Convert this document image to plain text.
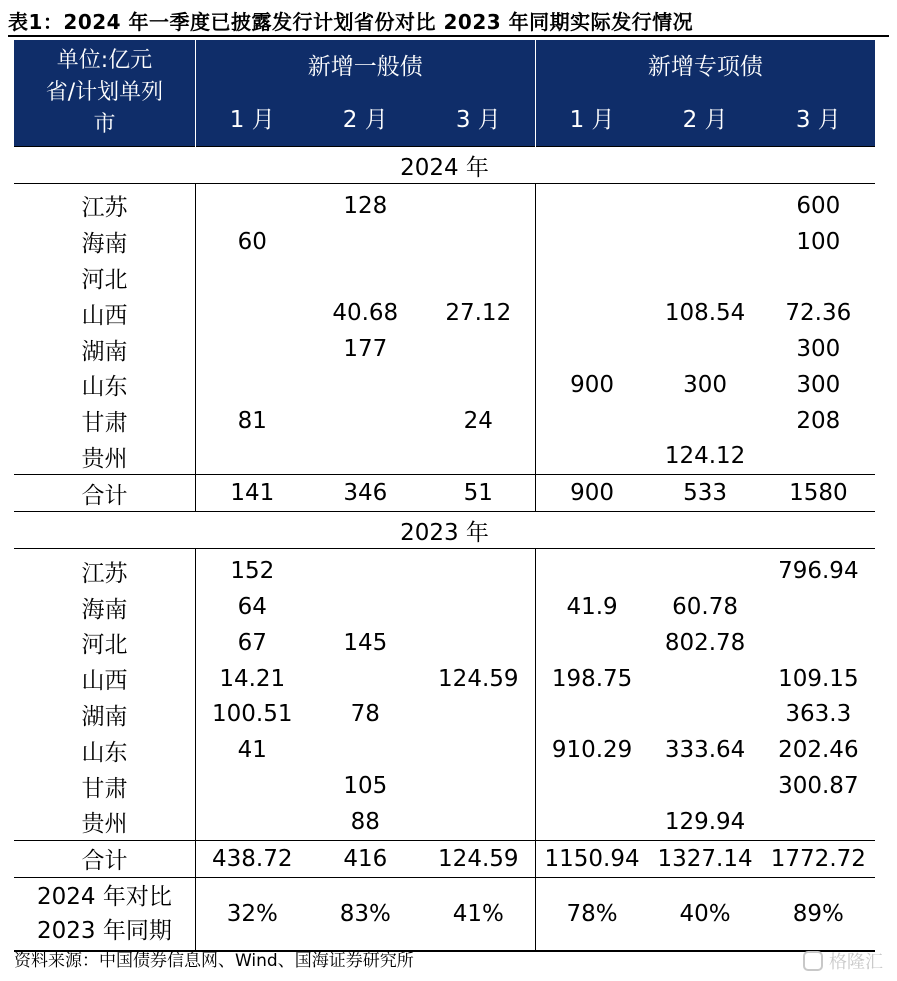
表1：2024 年一季度已披露发行计划省份对比 2023 年同期实际发行情况
单位:亿元
省/计划单列
市	新增一般债			新增专项债		
	1 月	2 月	3 月	1 月	2 月	3 月
2024 年						
江苏		128				600
海南	60					100
河北						
山西		40.68	27.12		108.54	72.36
湖南		177				300
山东				900	300	300
甘肃	81		24			208
贵州					124.12	
合计	141	346	51	900	533	1580
2023 年						
江苏	152					796.94
海南	64			41.9	60.78	
河北	67	145			802.78	
山西	14.21		124.59	198.75		109.15
湖南	100.51	78				363.3
山东	41			910.29	333.64	202.46
甘肃		105				300.87
贵州		88			129.94	
合计	438.72	416	124.59	1150.94	1327.14	1772.72

2024 年对比
2023 年同期	32%	83%	41%	78%	40%	89%
资料来源：中国债券信息网、Wind、国海证券研究所	格隆汇
